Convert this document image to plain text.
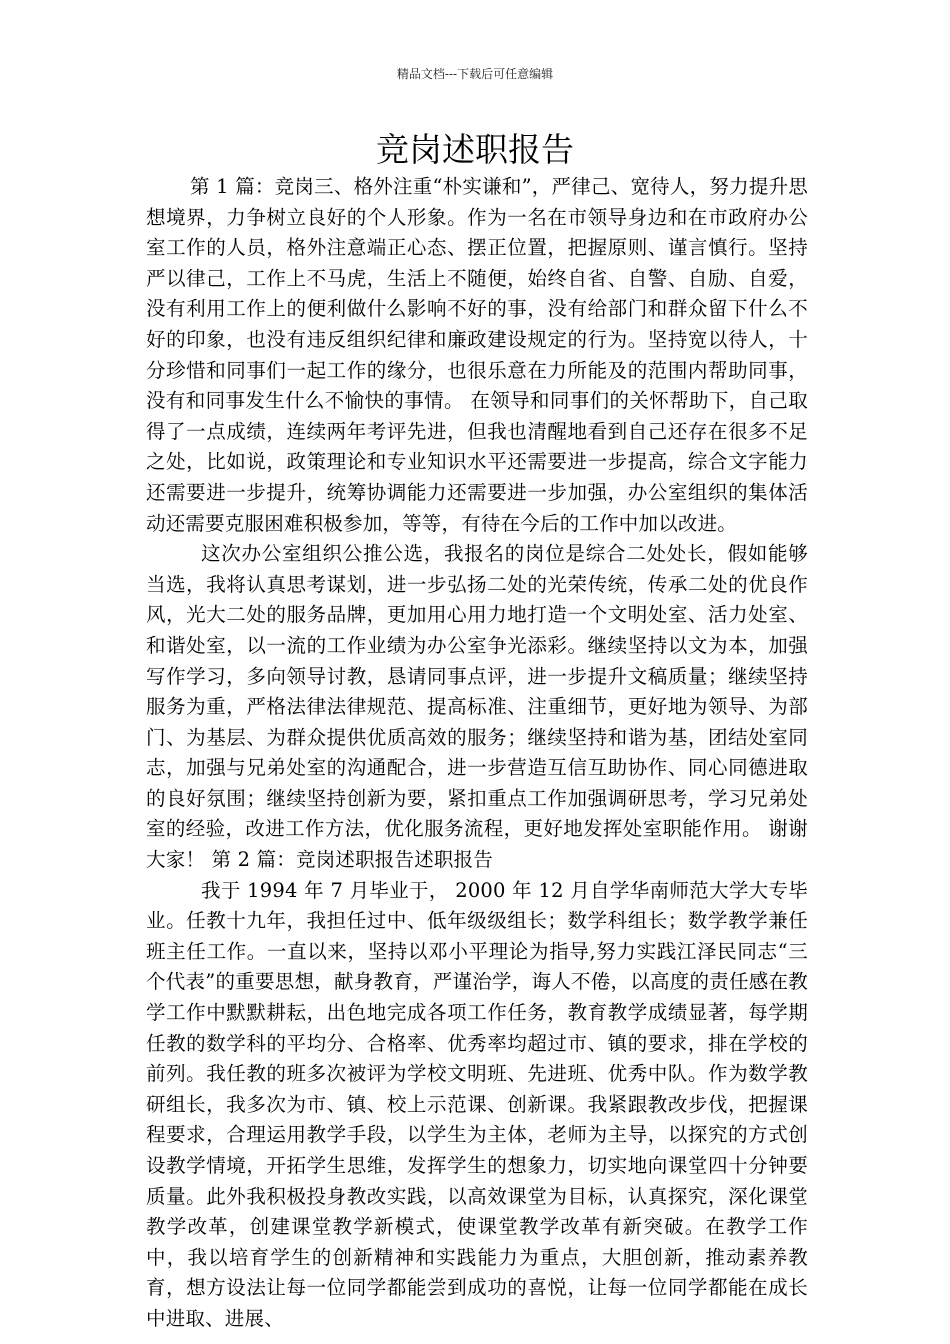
精品文档---下载后可任意编辑
竞岗述职报告

第 1 篇：竞岗三、格外注重“朴实谦和”，严律己、宽待人，努力提升思想境界，力争树立良好的个人形象。作为一名在市领导身边和在市政府办公室工作的人员，格外注意端正心态、摆正位置，把握原则、谨言慎行。坚持严以律己，工作上不马虎，生活上不随便，始终自省、自警、自励、自爱，没有利用工作上的便利做什么影响不好的事，没有给部门和群众留下什么不好的印象，也没有违反组织纪律和廉政建设规定的行为。坚持宽以待人，十分珍惜和同事们一起工作的缘分，也很乐意在力所能及的范围内帮助同事，没有和同事发生什么不愉快的事情。 在领导和同事们的关怀帮助下，自己取得了一点成绩，连续两年考评先进，但我也清醒地看到自己还存在很多不足之处，比如说，政策理论和专业知识水平还需要进一步提高，综合文字能力还需要进一步提升，统筹协调能力还需要进一步加强，办公室组织的集体活动还需要克服困难积极参加，等等，有待在今后的工作中加以改进。

这次办公室组织公推公选，我报名的岗位是综合二处处长，假如能够当选，我将认真思考谋划，进一步弘扬二处的光荣传统，传承二处的优良作风，光大二处的服务品牌，更加用心用力地打造一个文明处室、活力处室、和谐处室，以一流的工作业绩为办公室争光添彩。继续坚持以文为本，加强写作学习，多向领导讨教，恳请同事点评，进一步提升文稿质量；继续坚持服务为重，严格法律法律规范、提高标准、注重细节，更好地为领导、为部门、为基层、为群众提供优质高效的服务；继续坚持和谐为基，团结处室同志，加强与兄弟处室的沟通配合，进一步营造互信互助协作、同心同德进取的良好氛围；继续坚持创新为要，紧扣重点工作加强调研思考，学习兄弟处室的经验，改进工作方法，优化服务流程，更好地发挥处室职能作用。 谢谢大家！ 第 2 篇：竞岗述职报告述职报告

我于 1994 年 7 月毕业于， 2000 年 12 月自学华南师范大学大专毕业。任教十九年，我担任过中、低年级级组长；数学科组长；数学教学兼任班主任工作。一直以来，坚持以邓小平理论为指导,努力实践江泽民同志“三个代表”的重要思想，献身教育，严谨治学，诲人不倦，以高度的责任感在教学工作中默默耕耘，出色地完成各项工作任务，教育教学成绩显著，每学期任教的数学科的平均分、合格率、优秀率均超过市、镇的要求，排在学校的前列。我任教的班多次被评为学校文明班、先进班、优秀中队。作为数学教研组长，我多次为市、镇、校上示范课、创新课。我紧跟教改步伐，把握课程要求，合理运用教学手段，以学生为主体，老师为主导，以探究的方式创设教学情境，开拓学生思维，发挥学生的想象力，切实地向课堂四十分钟要质量。此外我积极投身教改实践，以高效课堂为目标，认真探究，深化课堂教学改革，创建课堂教学新模式，使课堂教学改革有新突破。在教学工作中，我以培育学生的创新精神和实践能力为重点，大胆创新，推动素养教育，想方设法让每一位同学都能尝到成功的喜悦，让每一位同学都能在成长中进取、进展、
